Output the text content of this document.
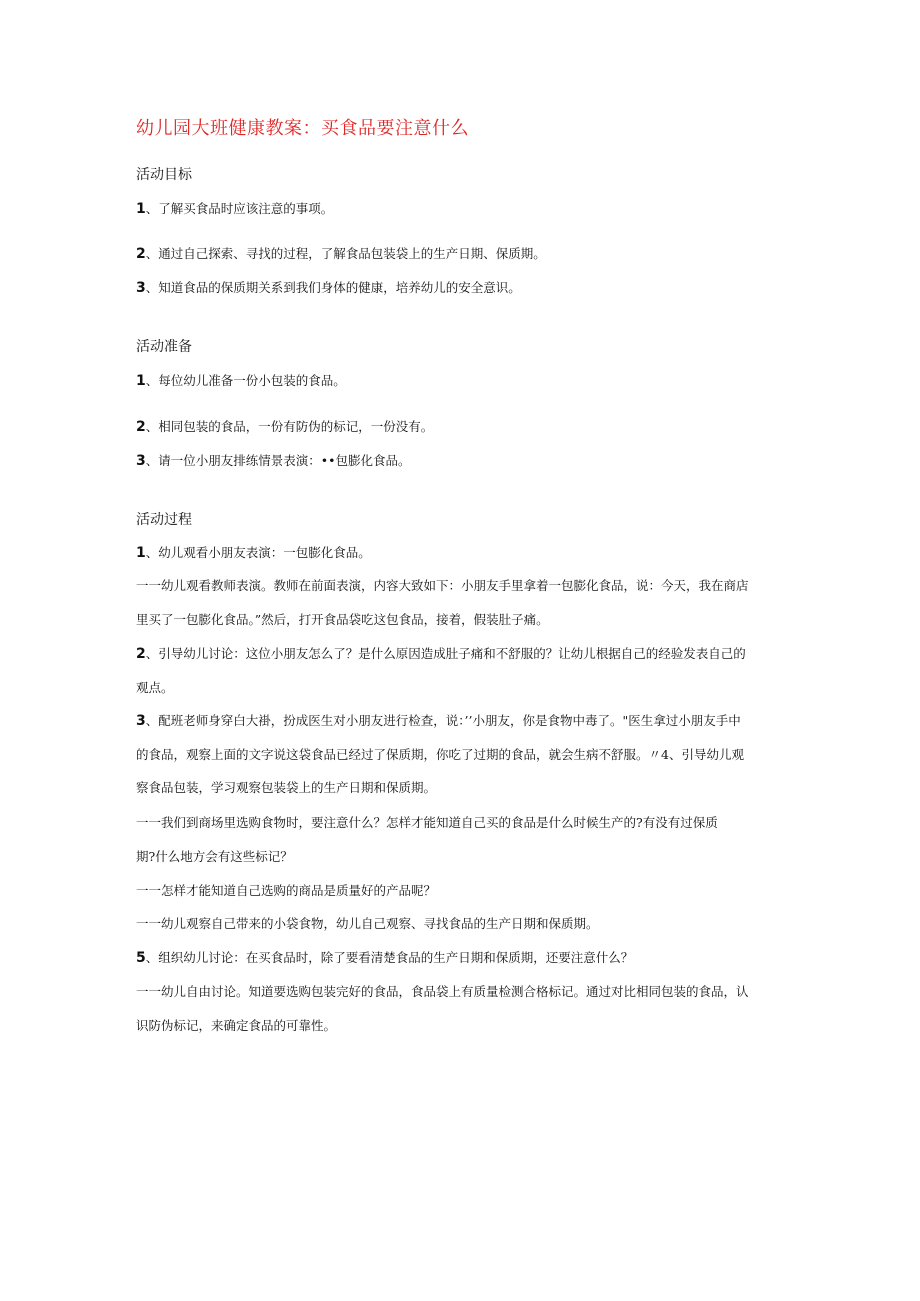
幼儿园大班健康教案：买食品要注意什么
活动目标
1、了解买食品时应该注意的事项。
2、通过自己探索、寻找的过程，了解食品包装袋上的生产日期、保质期。
3、知道食品的保质期关系到我们身体的健康，培养幼儿的安全意识。
活动准备
1、每位幼儿准备一份小包装的食品。
2、相同包装的食品，一份有防伪的标记，一份没有。
3、请一位小朋友排练情景表演：••包膨化食品。
活动过程
1、幼儿观看小朋友表演：一包膨化食品。
一一幼儿观看教师表演。教师在前面表演，内容大致如下：小朋友手里拿着一包膨化食品，说：今天，我在商店
里买了一包膨化食品。”然后，打开食品袋吃这包食品，接着，假装肚子痛。
2、引导幼儿讨论：这位小朋友怎么了？是什么原因造成肚子痛和不舒服的？让幼儿根据自己的经验发表自己的
观点。
3、配班老师身穿白大褂，扮成医生对小朋友进行检查，说：’’小朋友，你是食物中毒了。"医生拿过小朋友手中
的食品，观察上面的文字说这袋食品已经过了保质期，你吃了过期的食品，就会生病不舒服。〃4、引导幼儿观
察食品包装，学习观察包装袋上的生产日期和保质期。
一一我们到商场里选购食物时，要注意什么？怎样才能知道自己买的食品是什么时候生产的?有没有过保质
期?什么地方会有这些标记？
一一怎样才能知道自己选购的商品是质量好的产品呢？
一一幼儿观察自己带来的小袋食物，幼儿自己观察、寻找食品的生产日期和保质期。
5、组织幼儿讨论：在买食品时，除了要看清楚食品的生产日期和保质期，还要注意什么？
一一幼儿自由讨论。知道要选购包装完好的食品，食品袋上有质量检测合格标记。通过对比相同包装的食品，认
识防伪标记，来确定食品的可靠性。
